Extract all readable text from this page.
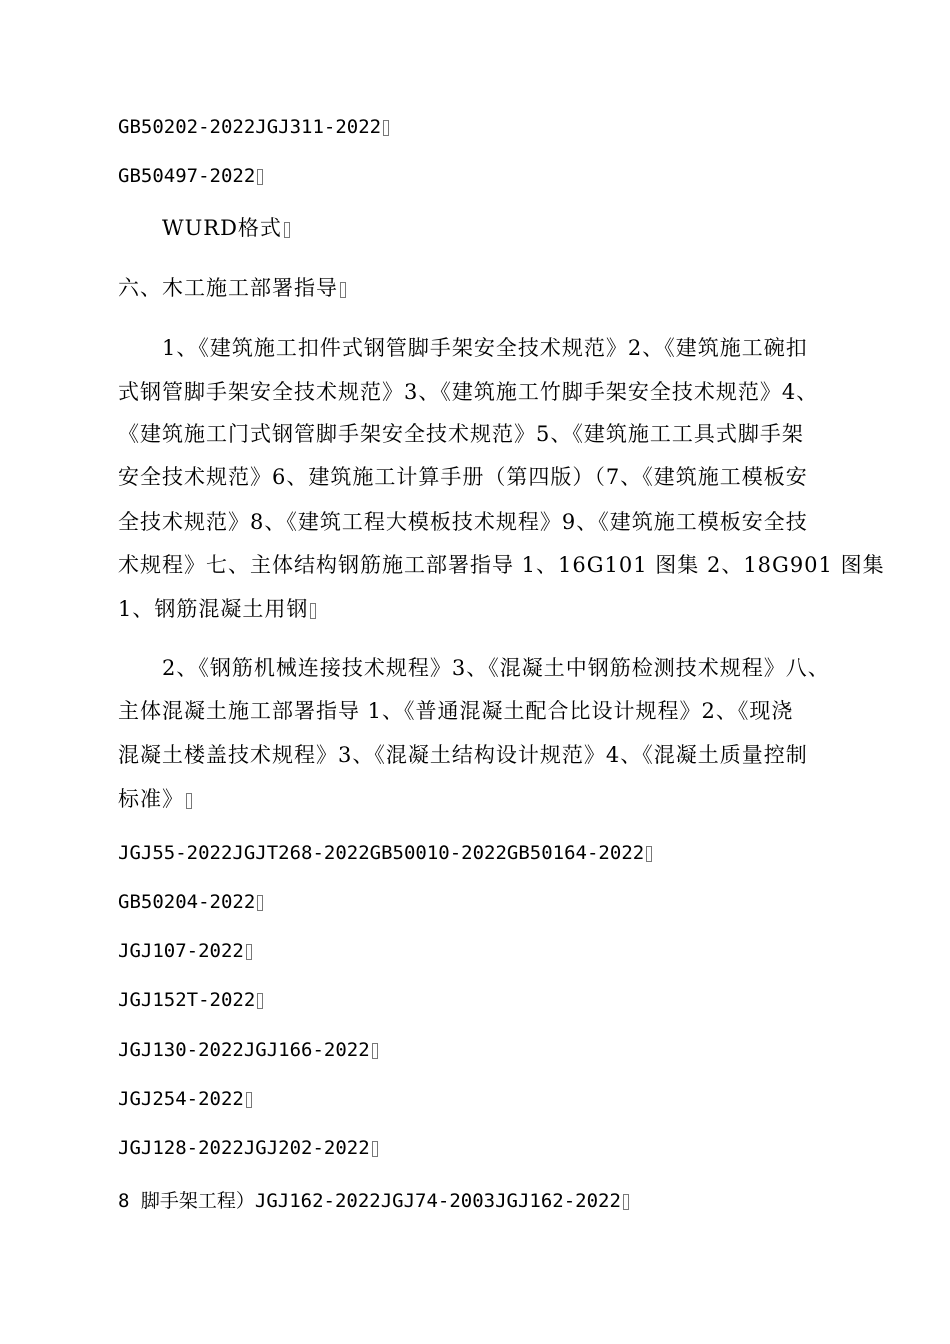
GB50202-2022JGJ311-2022
GB50497-2022
WURD格式
六、木工施工部署指导
1、《建筑施工扣件式钢管脚手架安全技术规范》2、《建筑施工碗扣
式钢管脚手架安全技术规范》3、《建筑施工竹脚手架安全技术规范》4、
《建筑施工门式钢管脚手架安全技术规范》5、《建筑施工工具式脚手架
安全技术规范》6、建筑施工计算手册（第四版）（7、《建筑施工模板安
全技术规范》8、《建筑工程大模板技术规程》9、《建筑施工模板安全技
术规程》七、主体结构钢筋施工部署指导 1、16G101 图集 2、18G901 图集
1、钢筋混凝土用钢
2、《钢筋机械连接技术规程》3、《混凝土中钢筋检测技术规程》八、
主体混凝土施工部署指导 1、《普通混凝土配合比设计规程》2、《现浇
混凝土楼盖技术规程》3、《混凝土结构设计规范》4、《混凝土质量控制
标准》
JGJ55-2022JGJT268-2022GB50010-2022GB50164-2022
GB50204-2022
JGJ107-2022
JGJ152T-2022
JGJ130-2022JGJ166-2022
JGJ254-2022
JGJ128-2022JGJ202-2022
8 脚手架工程）JGJ162-2022JGJ74-2003JGJ162-2022
